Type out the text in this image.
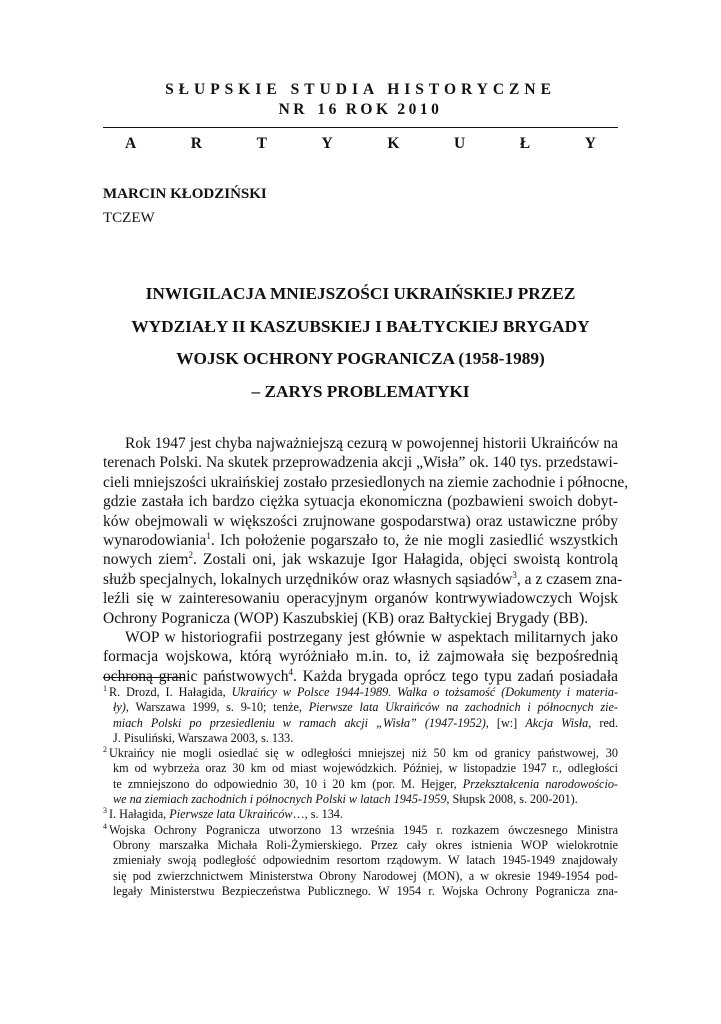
SŁUPSKIE STUDIA HISTORYCZNE
NR 16 ROK 2010
A	R	T	Y	K	U	Ł	Y
MARCIN KŁODZIŃSKI
TCZEW
INWIGILACJA MNIEJSZOŚCI UKRAIŃSKIEJ PRZEZ
WYDZIAŁY II KASZUBSKIEJ I BAŁTYCKIEJ BRYGADY
WOJSK OCHRONY POGRANICZA (1958-1989)
– ZARYS PROBLEMATYKI
Rok 1947 jest chyba najważniejszą cezurą w powojennej historii Ukraińców na
terenach Polski. Na skutek przeprowadzenia akcji „Wisła” ok. 140 tys. przedstawi-
cieli mniejszości ukraińskiej zostało przesiedlonych na ziemie zachodnie i północne,
gdzie zastała ich bardzo ciężka sytuacja ekonomiczna (pozbawieni swoich dobyt-
ków obejmowali w większości zrujnowane gospodarstwa) oraz ustawiczne próby
wynarodowiania$^1$. Ich położenie pogarszało to, że nie mogli zasiedlić wszystkich
nowych ziem$^2$. Zostali oni, jak wskazuje Igor Hałagida, objęci swoistą kontrolą
służb specjalnych, lokalnych urzędników oraz własnych sąsiadów$^3$, a z czasem zna-
leźli się w zainteresowaniu operacyjnym organów kontrwywiadowczych Wojsk
Ochrony Pogranicza (WOP) Kaszubskiej (KB) oraz Bałtyckiej Brygady (BB).
WOP w historiografii postrzegany jest głównie w aspektach militarnych jako
formacja wojskowa, którą wyróżniało m.in. to, iż zajmowała się bezpośrednią
ochroną granic państwowych$^4$. Każda brygada oprócz tego typu zadań posiadała
$^1$ R. Drozd, I. Hałagida, Ukraińcy w Polsce 1944-1989. Walka o tożsamość (Dokumenty i materia-
ły), Warszawa 1999, s. 9-10; tenże, Pierwsze lata Ukraińców na zachodnich i północnych zie-
miach Polski po przesiedleniu w ramach akcji „Wisła” (1947-1952), [w:] Akcja Wisła, red.
J. Pisuliński, Warszawa 2003, s. 133.
$^2$ Ukraińcy nie mogli osiedlać się w odległości mniejszej niż 50 km od granicy państwowej, 30
km od wybrzeża oraz 30 km od miast wojewódzkich. Później, w listopadzie 1947 r., odległości
te zmniejszono do odpowiednio 30, 10 i 20 km (por. M. Hejger, Przekształcenia narodowościo-
we na ziemiach zachodnich i północnych Polski w latach 1945-1959, Słupsk 2008, s. 200-201).
$^3$ I. Hałagida, Pierwsze lata Ukraińców…, s. 134.
$^4$ Wojska Ochrony Pogranicza utworzono 13 września 1945 r. rozkazem ówczesnego Ministra
Obrony marszałka Michała Roli-Żymierskiego. Przez cały okres istnienia WOP wielokrotnie
zmieniały swoją podległość odpowiednim resortom rządowym. W latach 1945-1949 znajdowały
się pod zwierzchnictwem Ministerstwa Obrony Narodowej (MON), a w okresie 1949-1954 pod-
legały Ministerstwu Bezpieczeństwa Publicznego. W 1954 r. Wojska Ochrony Pogranicza zna-
